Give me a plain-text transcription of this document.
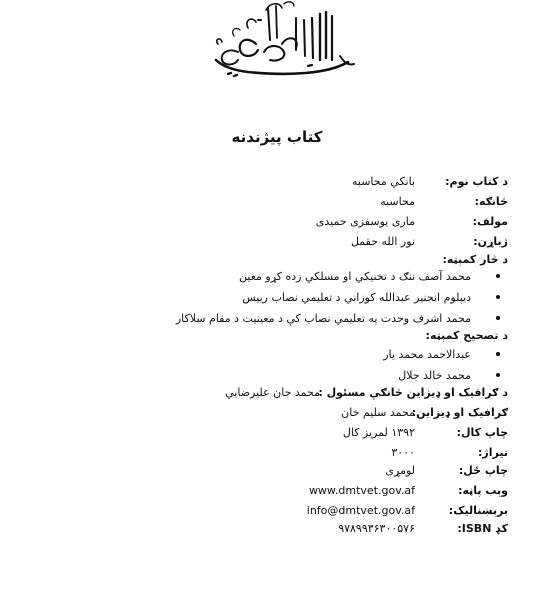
کتاب پیژندنه
د کتاب نوم:
بانکي محاسبه
څانګه:
محاسبه
مولف:
ماری یوسفزی حمیدی
ژباړن:
نور الله حقمل
د څار کمېټه:
محمد آصف ننګ د تخنيکي او مسلکي زده کړو معين
دیپلوم انجنیر عبدالله کوزاني د تعلیمي نصاب رییس
محمد اشرف وحدت په تعليمي نصاب کې د معينيت د مقام سلاکار
د تصحیح کمېټه:
عبدالاحمد محمد یار
محمد خالد جلال
د ګرافیک او ډیزاین څانګې مسئول :
محمد جان عليرضايي
ګرافیک او ډیزاین:
محمد سلیم خان
چاپ کال:
۱۳۹۲ لمريز کال
تيراژ:
۳۰۰۰
چاپ ځل:
لومړی
وېب پاڼه:
www.dmtvet.gov.af
برېښنالیک:
info@dmtvet.gov.af
کډ ISBN:
۹۷۸۹۹۳۶۳۰۰۵۷۶
